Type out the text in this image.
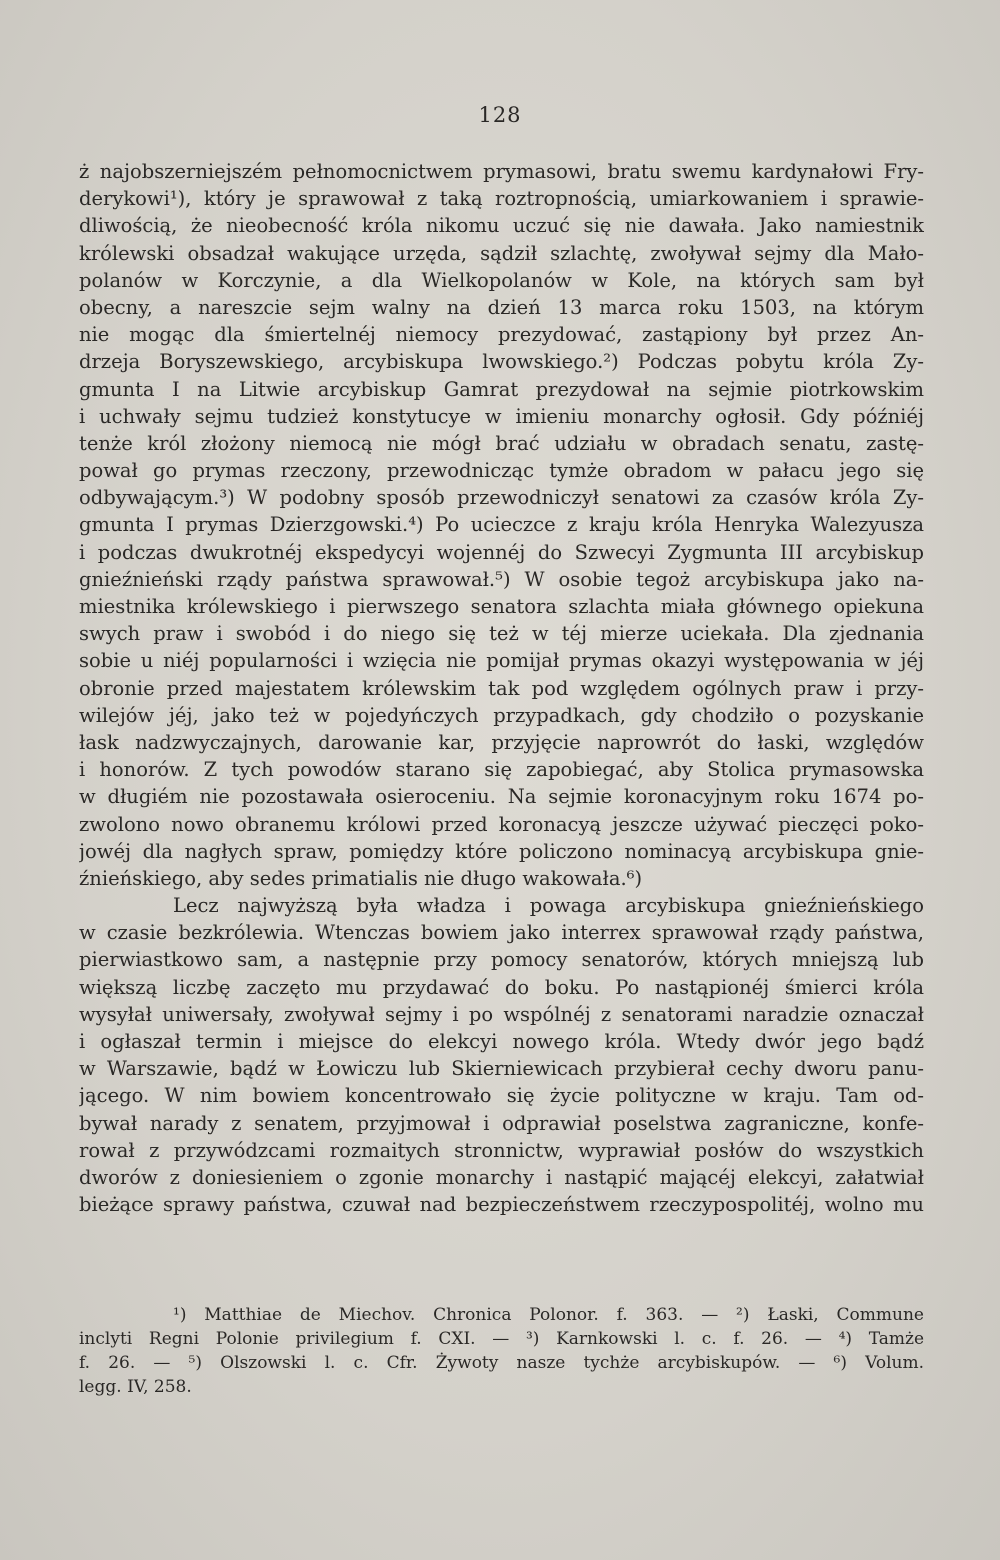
128
ż najobszerniejszém pełnomocnictwem prymasowi, bratu swemu kardynałowi Fry-
derykowi¹), który je sprawował z taką roztropnością, umiarkowaniem i sprawie-
dliwością, że nieobecność króla nikomu uczuć się nie dawała. Jako namiestnik
królewski obsadzał wakujące urzęda, sądził szlachtę, zwoływał sejmy dla Mało-
polanów w Korczynie, a dla Wielkopolanów w Kole, na których sam był
obecny, a nareszcie sejm walny na dzień 13 marca roku 1503, na którym
nie mogąc dla śmiertelnéj niemocy prezydować, zastąpiony był przez An-
drzeja Boryszewskiego, arcybiskupa lwowskiego.²) Podczas pobytu króla Zy-
gmunta I na Litwie arcybiskup Gamrat prezydował na sejmie piotrkowskim
i uchwały sejmu tudzież konstytucye w imieniu monarchy ogłosił. Gdy późniéj
tenże król złożony niemocą nie mógł brać udziału w obradach senatu, zastę-
pował go prymas rzeczony, przewodnicząc tymże obradom w pałacu jego się
odbywającym.³) W podobny sposób przewodniczył senatowi za czasów króla Zy-
gmunta I prymas Dzierzgowski.⁴) Po ucieczce z kraju króla Henryka Walezyusza
i podczas dwukrotnéj ekspedycyi wojennéj do Szwecyi Zygmunta III arcybiskup
gnieźnieński rządy państwa sprawował.⁵) W osobie tegoż arcybiskupa jako na-
miestnika królewskiego i pierwszego senatora szlachta miała głównego opiekuna
swych praw i swobód i do niego się też w téj mierze uciekała. Dla zjednania
sobie u niéj popularności i wzięcia nie pomijał prymas okazyi występowania w jéj
obronie przed majestatem królewskim tak pod względem ogólnych praw i przy-
wilejów jéj, jako też w pojedyńczych przypadkach, gdy chodziło o pozyskanie
łask nadzwyczajnych, darowanie kar, przyjęcie naprowrót do łaski, względów
i honorów. Z tych powodów starano się zapobiegać, aby Stolica prymasowska
w długiém nie pozostawała osieroceniu. Na sejmie koronacyjnym roku 1674 po-
zwolono nowo obranemu królowi przed koronacyą jeszcze używać pieczęci poko-
jowéj dla nagłych spraw, pomiędzy które policzono nominacyą arcybiskupa gnie-
źnieńskiego, aby sedes primatialis nie długo wakowała.⁶)
Lecz najwyższą była władza i powaga arcybiskupa gnieźnieńskiego
w czasie bezkrólewia. Wtenczas bowiem jako interrex sprawował rządy państwa,
pierwiastkowo sam, a następnie przy pomocy senatorów, których mniejszą lub
większą liczbę zaczęto mu przydawać do boku. Po nastąpionéj śmierci króla
wysyłał uniwersały, zwoływał sejmy i po wspólnéj z senatorami naradzie oznaczał
i ogłaszał termin i miejsce do elekcyi nowego króla. Wtedy dwór jego bądź
w Warszawie, bądź w Łowiczu lub Skierniewicach przybierał cechy dworu panu-
jącego. W nim bowiem koncentrowało się życie polityczne w kraju. Tam od-
bywał narady z senatem, przyjmował i odprawiał poselstwa zagraniczne, konfe-
rował z przywódzcami rozmaitych stronnictw, wyprawiał posłów do wszystkich
dworów z doniesieniem o zgonie monarchy i nastąpić mającéj elekcyi, załatwiał
bieżące sprawy państwa, czuwał nad bezpieczeństwem rzeczypospolitéj, wolno mu
¹) Matthiae de Miechov. Chronica Polonor. f. 363. — ²) Łaski, Commune
inclyti Regni Polonie privilegium f. CXI. — ³) Karnkowski l. c. f. 26. — ⁴) Tamże
f. 26. — ⁵) Olszowski l. c. Cfr. Żywoty nasze tychże arcybiskupów. — ⁶) Volum.
legg. IV, 258.
